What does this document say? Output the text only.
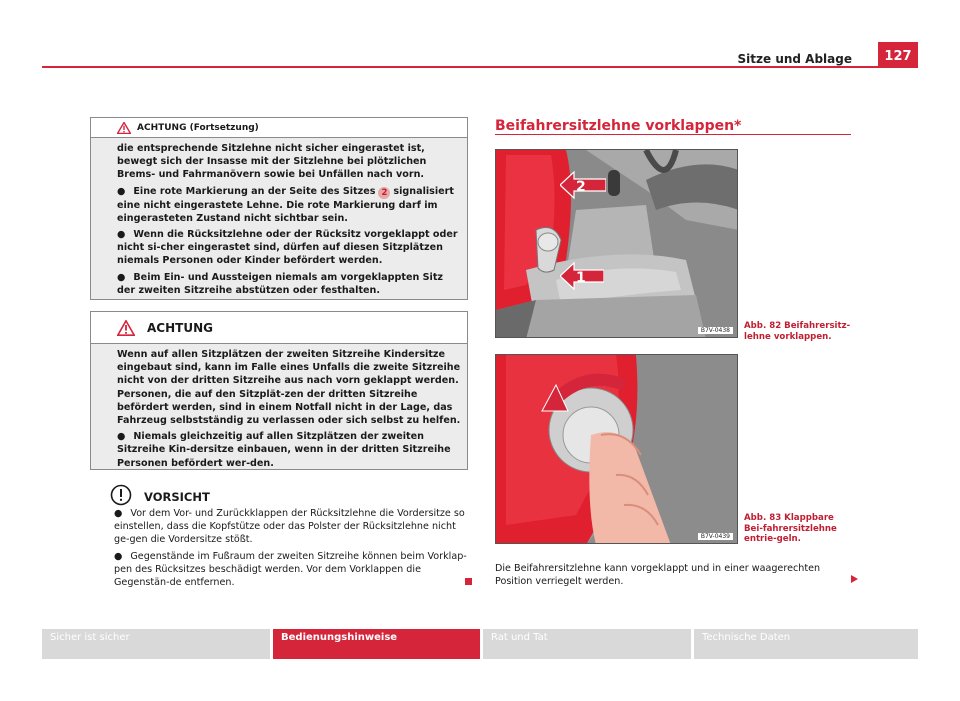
Sitze und Ablage	127
ACHTUNG (Fortsetzung)

die entsprechende Sitzlehne nicht sicher eingerastet ist, bewegt sich der Insasse mit der Sitzlehne bei plötzlichen Brems- und Fahrmanövern sowie bei Unfällen nach vorn.

● Eine rote Markierung an der Seite des Sitzes 2 signalisiert eine nicht eingerastete Lehne. Die rote Markierung darf im eingerasteten Zustand nicht sichtbar sein.

● Wenn die Rücksitzlehne oder der Rücksitz vorgeklappt oder nicht si-cher eingerastet sind, dürfen auf diesen Sitzplätzen niemals Personen oder Kinder befördert werden.

● Beim Ein- und Aussteigen niemals am vorgeklappten Sitz der zweiten Sitzreihe abstützen oder festhalten.

ACHTUNG

Wenn auf allen Sitzplätzen der zweiten Sitzreihe Kindersitze eingebaut sind, kann im Falle eines Unfalls die zweite Sitzreihe nicht von der dritten Sitzreihe aus nach vorn geklappt werden. Personen, die auf den Sitzplät-zen der dritten Sitzreihe befördert werden, sind in einem Notfall nicht in der Lage, das Fahrzeug selbstständig zu verlassen oder sich selbst zu helfen.

● Niemals gleichzeitig auf allen Sitzplätzen der zweiten Sitzreihe Kin-dersitze einbauen, wenn in der dritten Sitzreihe Personen befördert wer-den.

VORSICHT

● Vor dem Vor- und Zurückklappen der Rücksitzlehne die Vordersitze so einstellen, dass die Kopfstütze oder das Polster der Rücksitzlehne nicht ge-gen die Vordersitze stößt.

● Gegenstände im Fußraum der zweiten Sitzreihe können beim Vorklap-pen des Rücksitzes beschädigt werden. Vor dem Vorklappen die Gegenstän-de entfernen.

Beifahrersitzlehne vorklappen*
2
1
B7V-0438	Abb. 82 Beifahrersitz-lehne vorklappen.
B7V-0439
Abb. 83 Klappbare Bei-fahrersitzlehne entrie-geln.
Die Beifahrersitzlehne kann vorgeklappt und in einer waagerechten Position verriegelt werden.
Sicher ist sicher	Bedienungshinweise	Rat und Tat	Technische Daten
